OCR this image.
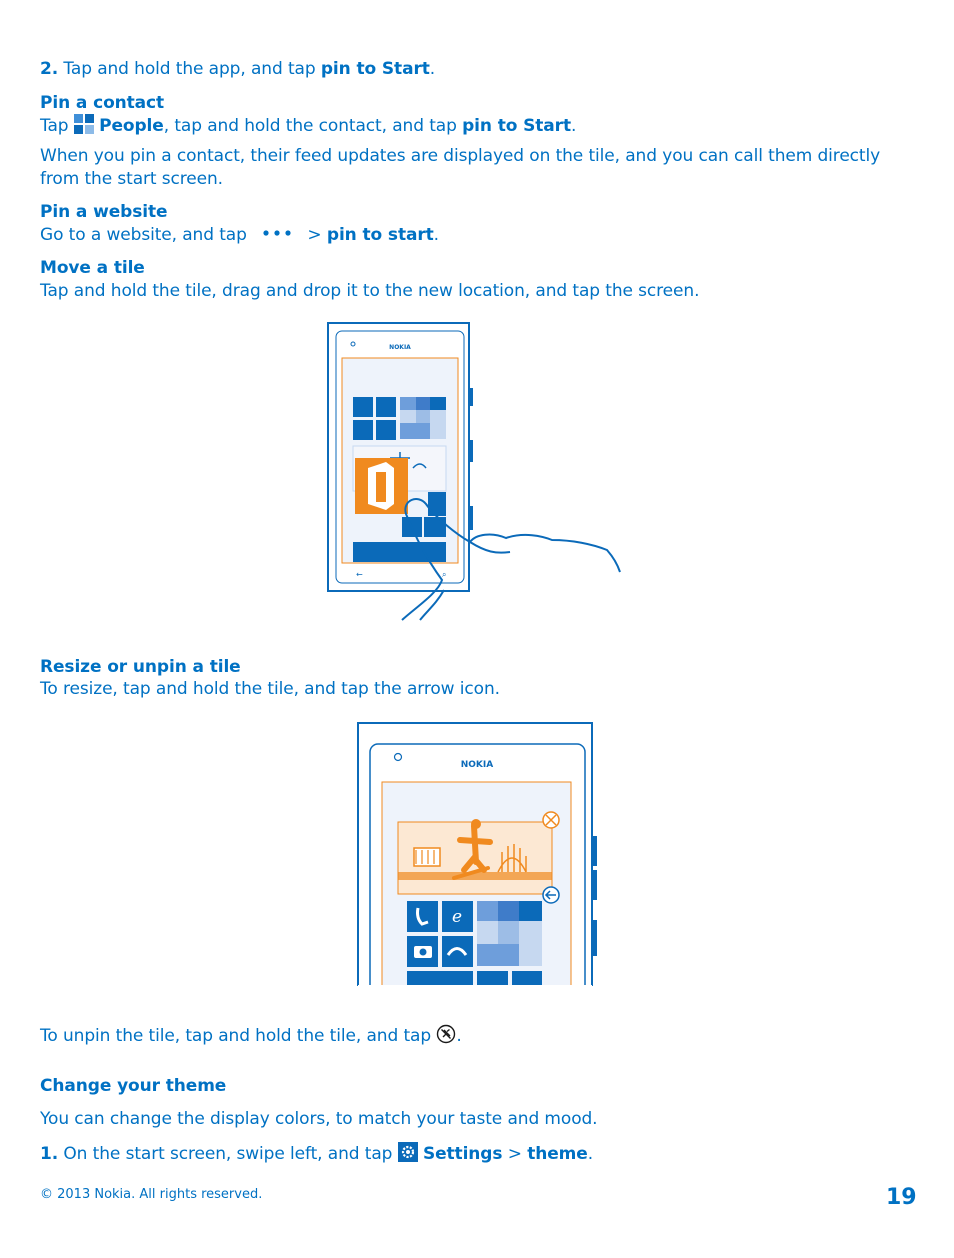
2. Tap and hold the app, and tap pin to Start.
Pin a contact
Tap People, tap and hold the contact, and tap pin to Start.
When you pin a contact, their feed updates are displayed on the tile, and you can call them directly
from the start screen.
Pin a website
Go to a website, and tap	> pin to start.
Move a tile
Tap and hold the tile, drag and drop it to the new location, and tap the screen.
NOKIA
←	⌕
Resize or unpin a tile
To resize, tap and hold the tile, and tap the arrow icon.
NOKIA
e
To unpin the tile, tap and hold the tile, and tap .
Change your theme
You can change the display colors, to match your taste and mood.
1. On the start screen, swipe left, and tap Settings > theme.
© 2013 Nokia. All rights reserved.	19
